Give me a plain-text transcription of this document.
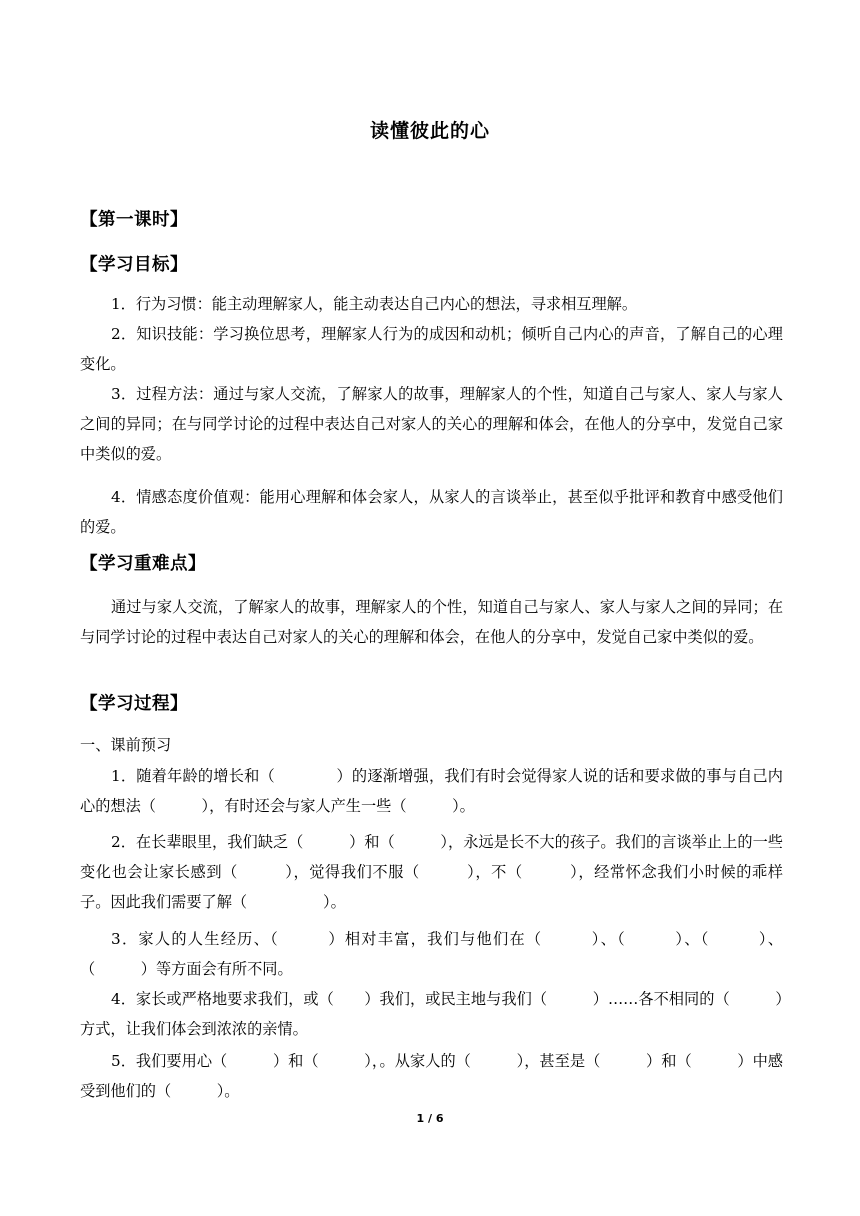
读懂彼此的心
【第一课时】
【学习目标】
1．行为习惯：能主动理解家人，能主动表达自己内心的想法，寻求相互理解。
2．知识技能：学习换位思考，理解家人行为的成因和动机；倾听自己内心的声音，了解自己的心理变化。
3．过程方法：通过与家人交流，了解家人的故事，理解家人的个性，知道自己与家人、家人与家人之间的异同；在与同学讨论的过程中表达自己对家人的关心的理解和体会，在他人的分享中，发觉自己家中类似的爱。
4．情感态度价值观：能用心理解和体会家人，从家人的言谈举止，甚至似乎批评和教育中感受他们的爱。
【学习重难点】
通过与家人交流，了解家人的故事，理解家人的个性，知道自己与家人、家人与家人之间的异同；在与同学讨论的过程中表达自己对家人的关心的理解和体会，在他人的分享中，发觉自己家中类似的爱。
【学习过程】
一、课前预习
1．随着年龄的增长和（　　　　）的逐渐增强，我们有时会觉得家人说的话和要求做的事与自己内心的想法（　　　），有时还会与家人产生一些（　　　）。
2．在长辈眼里，我们缺乏（　　　）和（　　　），永远是长不大的孩子。我们的言谈举止上的一些变化也会让家长感到（　　　），觉得我们不服（　　　），不（　　　），经常怀念我们小时候的乖样子。因此我们需要了解（　　　　　）。
3．家人的人生经历、（　　　）相对丰富，我们与他们在（　　　）、（　　　）、（　　　）、（　　　）等方面会有所不同。
4．家长或严格地要求我们，或（　　）我们，或民主地与我们（　　　）……各不相同的（　　　）方式，让我们体会到浓浓的亲情。
5．我们要用心（　　　）和（　　　），。从家人的（　　　），甚至是（　　　）和（　　　）中感受到他们的（　　　）。
1 / 6
